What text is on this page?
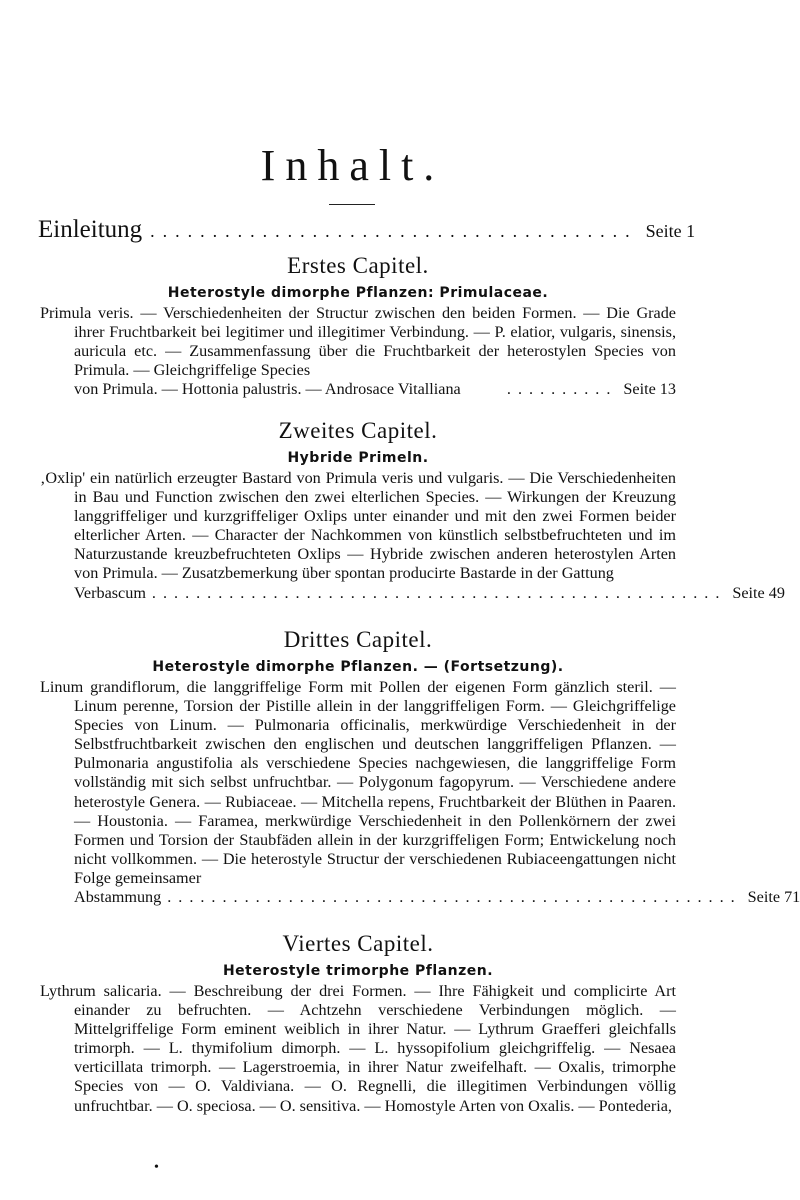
Inhalt.
Einleitung ....................................... Seite 1
Erstes Capitel.
Heterostyle dimorphe Pflanzen: Primulaceae.

Primula veris. — Verschiedenheiten der Structur zwischen den beiden Formen. — Die Grade ihrer Fruchtbarkeit bei legitimer und illegitimer Verbindung. — P. elatior, vulgaris, sinensis, auricula etc. — Zusammenfassung über die Fruchtbarkeit der heterostylen Species von Primula. — Gleichgriffelige Species

von Primula. — Hottonia palustris. — Androsace Vitalliana	.......... Seite 13
Zweites Capitel.
Hybride Primeln.

‚Oxlip' ein natürlich erzeugter Bastard von Primula veris und vulgaris. — Die Verschiedenheiten in Bau und Function zwischen den zwei elterlichen Species. — Wirkungen der Kreuzung langgriffeliger und kurzgriffeliger Oxlips unter einander und mit den zwei Formen beider elterlicher Arten. — Character der Nachkommen von künstlich selbstbefruchteten und im Naturzustande kreuzbefruchteten Oxlips — Hybride zwischen anderen heterostylen Arten von Primula. — Zusatzbemerkung über spontan producirte Bastarde in der Gattung

Verbascum .................................................... Seite 49
Drittes Capitel.
Heterostyle dimorphe Pflanzen. — (Fortsetzung).

Linum grandiflorum, die langgriffelige Form mit Pollen der eigenen Form gänzlich steril. — Linum perenne, Torsion der Pistille allein in der langgriffeligen Form. — Gleichgriffelige Species von Linum. — Pulmonaria officinalis, merkwürdige Verschiedenheit in der Selbstfruchtbarkeit zwischen den englischen und deutschen langgriffeligen Pflanzen. — Pulmonaria angustifolia als verschiedene Species nachgewiesen, die langgriffelige Form vollständig mit sich selbst unfruchtbar. — Polygonum fagopyrum. — Verschiedene andere heterostyle Genera. — Rubiaceae. — Mitchella repens, Fruchtbarkeit der Blüthen in Paaren. — Houstonia. — Faramea, merkwürdige Verschiedenheit in den Pollenkörnern der zwei Formen und Torsion der Staubfäden allein in der kurzgriffeligen Form; Entwickelung noch nicht vollkommen. — Die heterostyle Structur der verschiedenen Rubiaceengattungen nicht Folge gemeinsamer

Abstammung .................................................... Seite 71
Viertes Capitel.
Heterostyle trimorphe Pflanzen.

Lythrum salicaria. — Beschreibung der drei Formen. — Ihre Fähigkeit und complicirte Art einander zu befruchten. — Achtzehn verschiedene Verbindungen möglich. — Mittelgriffelige Form eminent weiblich in ihrer Natur. — Lythrum Graefferi gleichfalls trimorph. — L. thymifolium dimorph. — L. hyssopifolium gleichgriffelig. — Nesaea verticillata trimorph. — Lagerstroemia, in ihrer Natur zweifelhaft. — Oxalis, trimorphe Species von — O. Valdiviana. — O. Regnelli, die illegitimen Verbindungen völlig unfruchtbar. — O. speciosa. — O. sensitiva. — Homostyle Arten von Oxalis. — Pontederia,

•
